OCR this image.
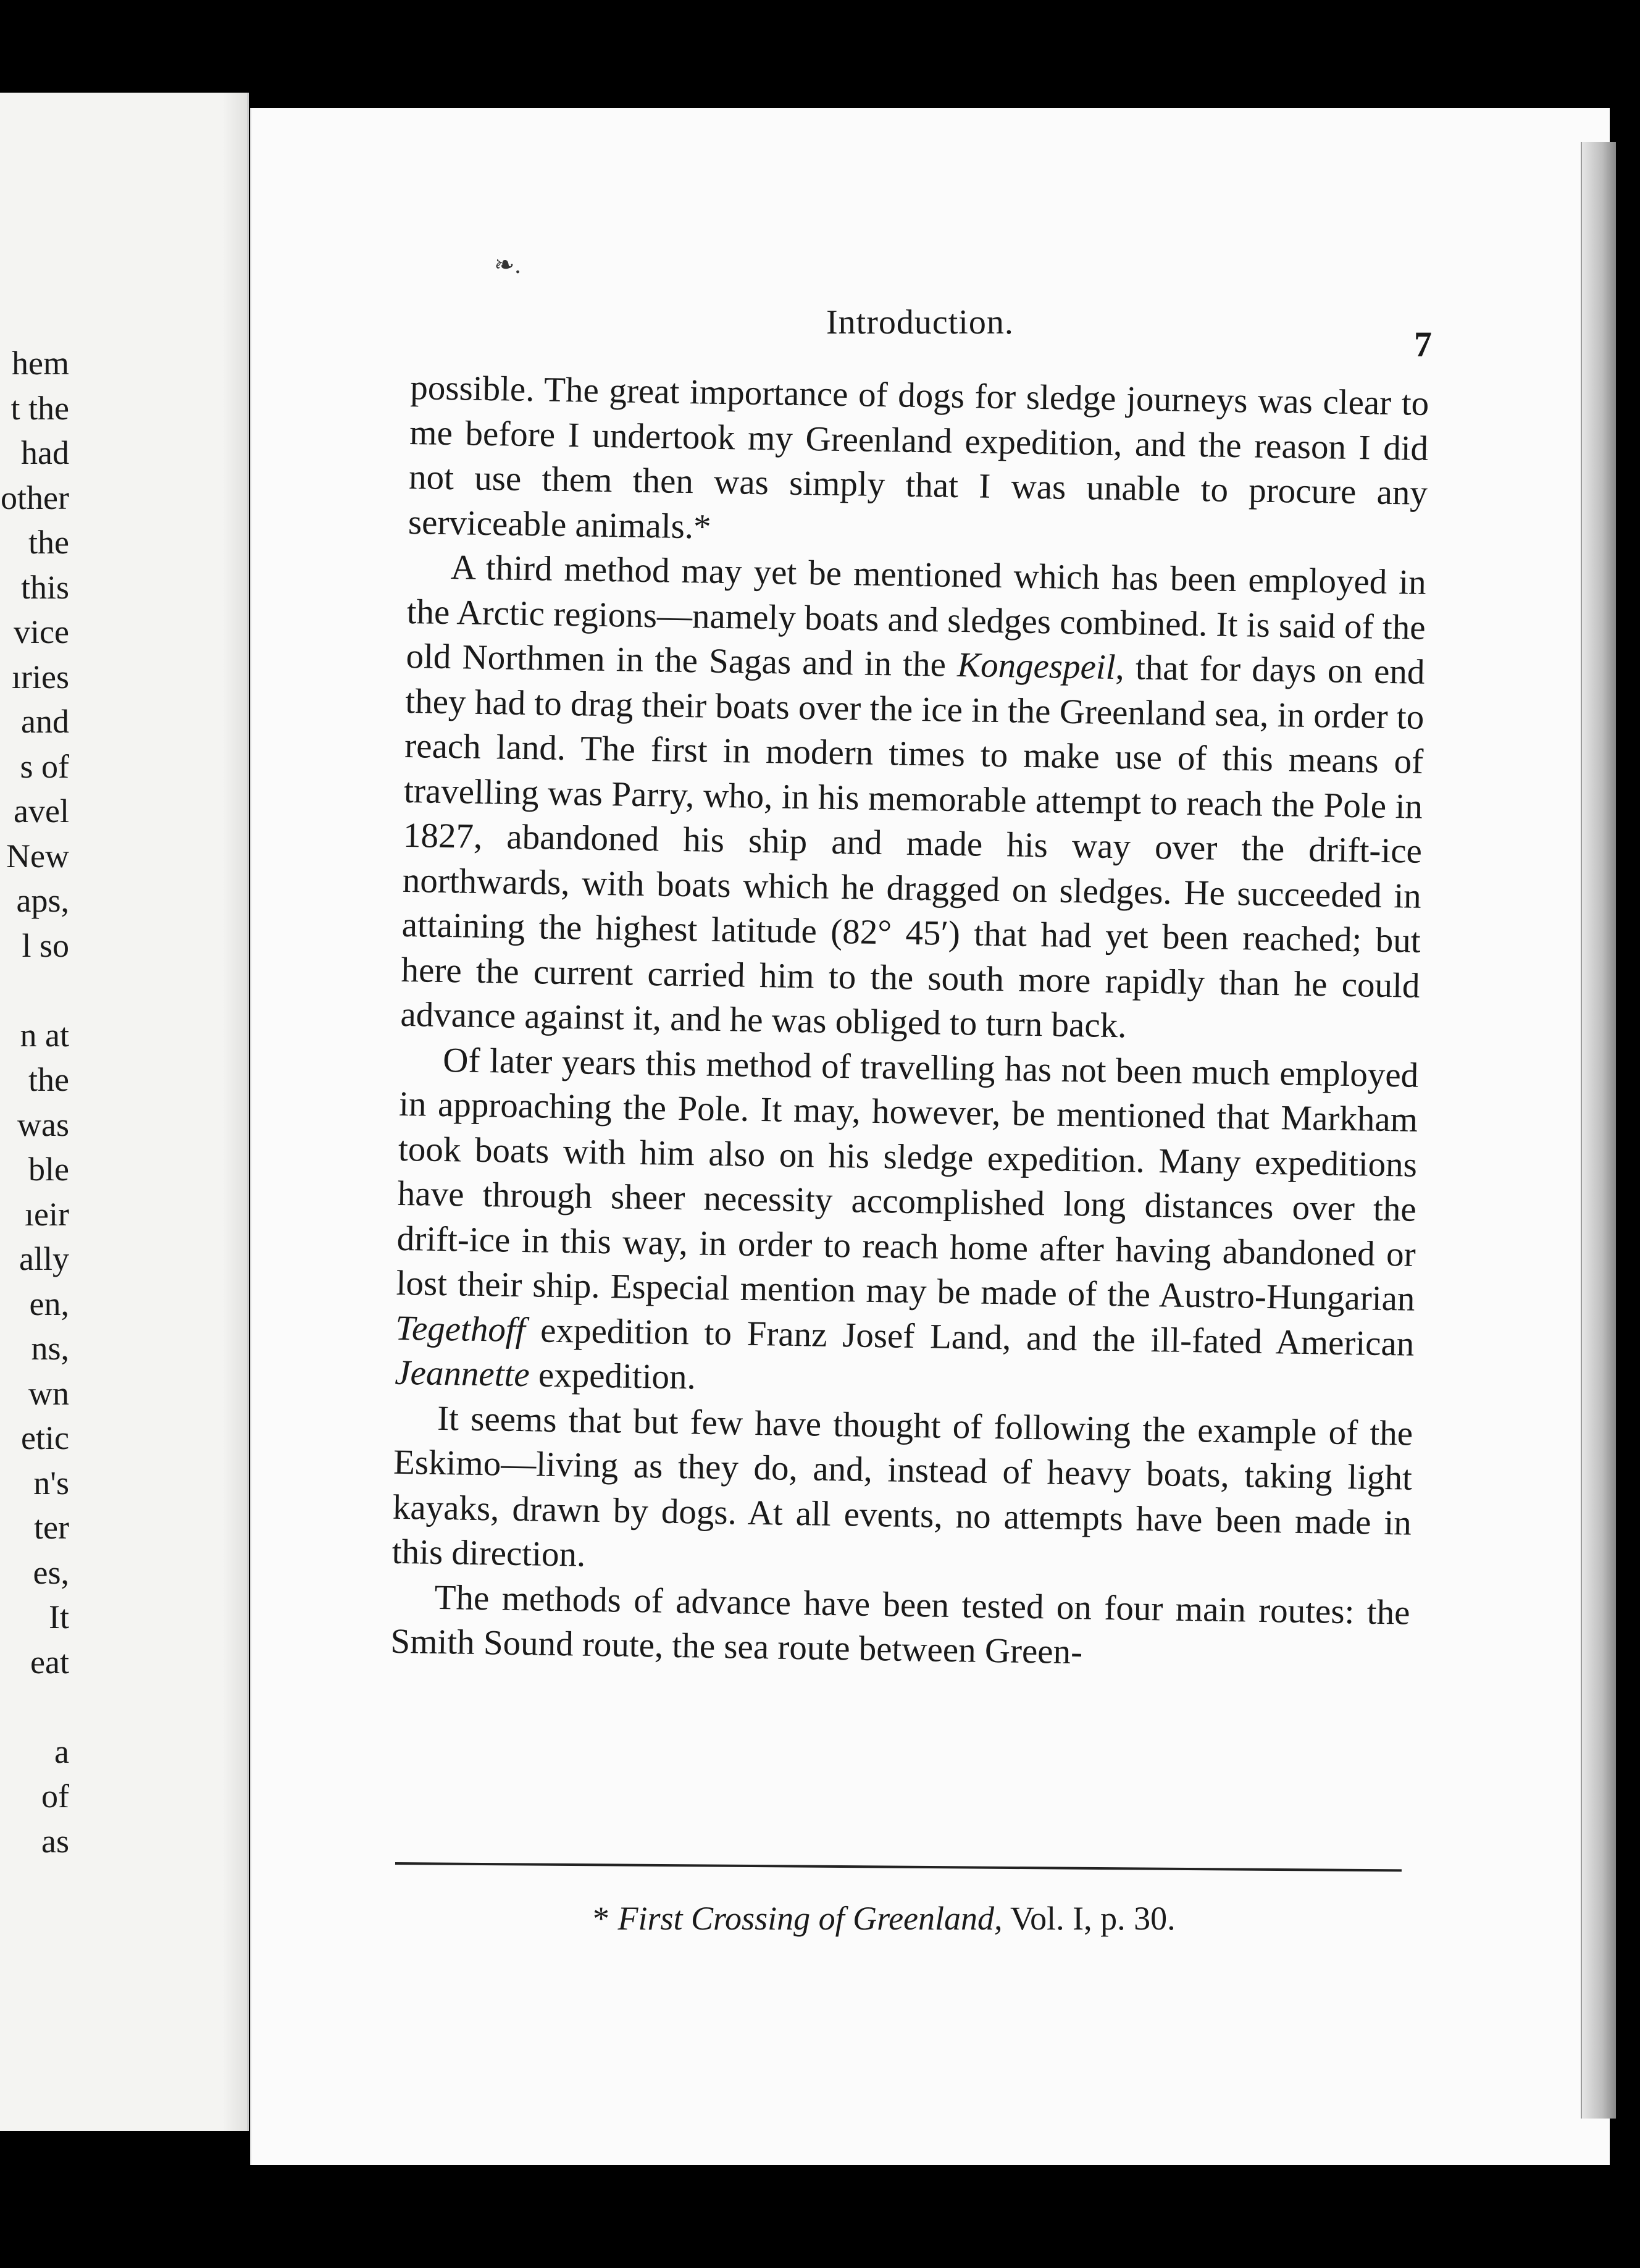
❧.
Introduction.
7

possible. The great importance of dogs for sledge journeys was clear to me before I undertook my Greenland expedition, and the reason I did not use them then was simply that I was unable to procure any serviceable animals.*

A third method may yet be mentioned which has been employed in the Arctic regions—namely boats and sledges combined. It is said of the old Northmen in the Sagas and in the Kongespeil, that for days on end they had to drag their boats over the ice in the Greenland sea, in order to reach land. The first in modern times to make use of this means of travelling was Parry, who, in his memorable attempt to reach the Pole in 1827, abandoned his ship and made his way over the drift-ice northwards, with boats which he dragged on sledges. He succeeded in attaining the highest latitude (82° 45′) that had yet been reached; but here the current carried him to the south more rapidly than he could advance against it, and he was obliged to turn back.

Of later years this method of travelling has not been much employed in approaching the Pole. It may, however, be mentioned that Markham took boats with him also on his sledge expedition. Many expeditions have through sheer necessity accomplished long distances over the drift-ice in this way, in order to reach home after having abandoned or lost their ship. Especial mention may be made of the Austro-Hungarian Tegethoff expedition to Franz Josef Land, and the ill-fated American Jeannette expedition.

It seems that but few have thought of following the example of the Eskimo—living as they do, and, instead of heavy boats, taking light kayaks, drawn by dogs. At all events, no attempts have been made in this direction.

The methods of advance have been tested on four main routes: the Smith Sound route, the sea route between Green-

* First Crossing of Greenland, Vol. I, p. 30.
hem
t the
had
other
the
this
vice
ıries
and
s of
avel
New
aps,
l so
n at
the
was
ble
ıeir
ally
en,
ns,
wn
etic
n's
ter
es,
It
eat
a
of
as
